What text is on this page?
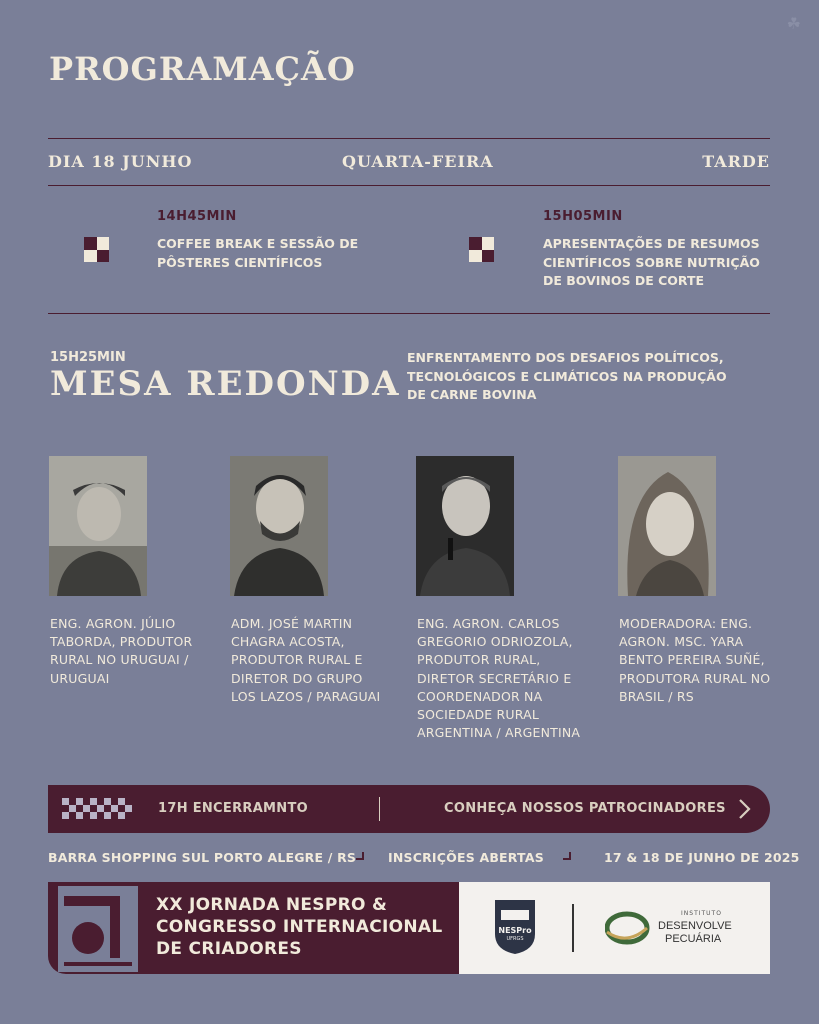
PROGRAMAÇÃO
☘
DIA 18 JUNHO	QUARTA-FEIRA	TARDE
14H45MIN
COFFEE BREAK E SESSÃO DE PÔSTERES CIENTÍFICOS
15H05MIN
APRESENTAÇÕES DE RESUMOS CIENTÍFICOS SOBRE NUTRIÇÃO DE BOVINOS DE CORTE
15H25MIN
MESA REDONDA
ENFRENTAMENTO DOS DESAFIOS POLÍTICOS, TECNOLÓGICOS E CLIMÁTICOS NA PRODUÇÃO DE CARNE BOVINA
ENG. AGRON. JÚLIO TABORDA, PRODUTOR RURAL NO URUGUAI / URUGUAI
ADM. JOSÉ MARTIN CHAGRA ACOSTA, PRODUTOR RURAL E DIRETOR DO GRUPO LOS LAZOS / PARAGUAI
ENG. AGRON. CARLOS GREGORIO ODRIOZOLA, PRODUTOR RURAL, DIRETOR SECRETÁRIO E COORDENADOR NA SOCIEDADE RURAL ARGENTINA / ARGENTINA
MODERADORA: ENG. AGRON. MSC. YARA BENTO PEREIRA SUÑÉ, PRODUTORA RURAL NO BRASIL / RS
17H ENCERRAMNTO	CONHEÇA NOSSOS PATROCINADORES
BARRA SHOPPING SUL PORTO ALEGRE / RS	INSCRIÇÕES ABERTAS	17 & 18 DE JUNHO DE 2025
XX JORNADA NESPRO & CONGRESSO INTERNACIONAL DE CRIADORES
NESPro
UFRGS
INSTITUTO
DESENVOLVE
PECUÁRIA
